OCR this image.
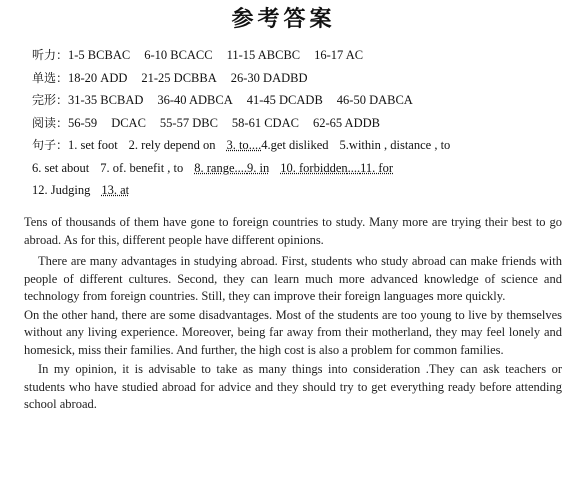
参考答案
听力：1-5 BCBAC 6-10 BCACC 11-15 ABCBC 16-17 AC
单选：18-20 ADD 21-25 DCBBA 26-30 DADBD
完形：31-35 BCBAD 36-40 ADBCA 41-45 DCADB 46-50 DABCA
阅读：56-59 DCAC 55-57 DBC 58-61 CDAC 62-65 ADDB
句子：1. set foot 2. rely depend on 3. to....4.get disliked 5.within , distance , to
6. set about 7. of. benefit , to 8. range....9. in 10. forbidden....11. for
12. Judging 13. at

Tens of thousands of them have gone to foreign countries to study. Many more are trying their best to go abroad. As for this, different people have different opinions.

There are many advantages in studying abroad. First, students who study abroad can make friends with people of different cultures. Second, they can learn much more advanced knowledge of science and technology from foreign countries. Still, they can improve their foreign languages more quickly.

On the other hand, there are some disadvantages. Most of the students are too young to live by themselves without any living experience. Moreover, being far away from their motherland, they may feel lonely and homesick, miss their families. And further, the high cost is also a problem for common families.

In my opinion, it is advisable to take as many things into consideration .They can ask teachers or students who have studied abroad for advice and they should try to get everything ready before attending school abroad.
